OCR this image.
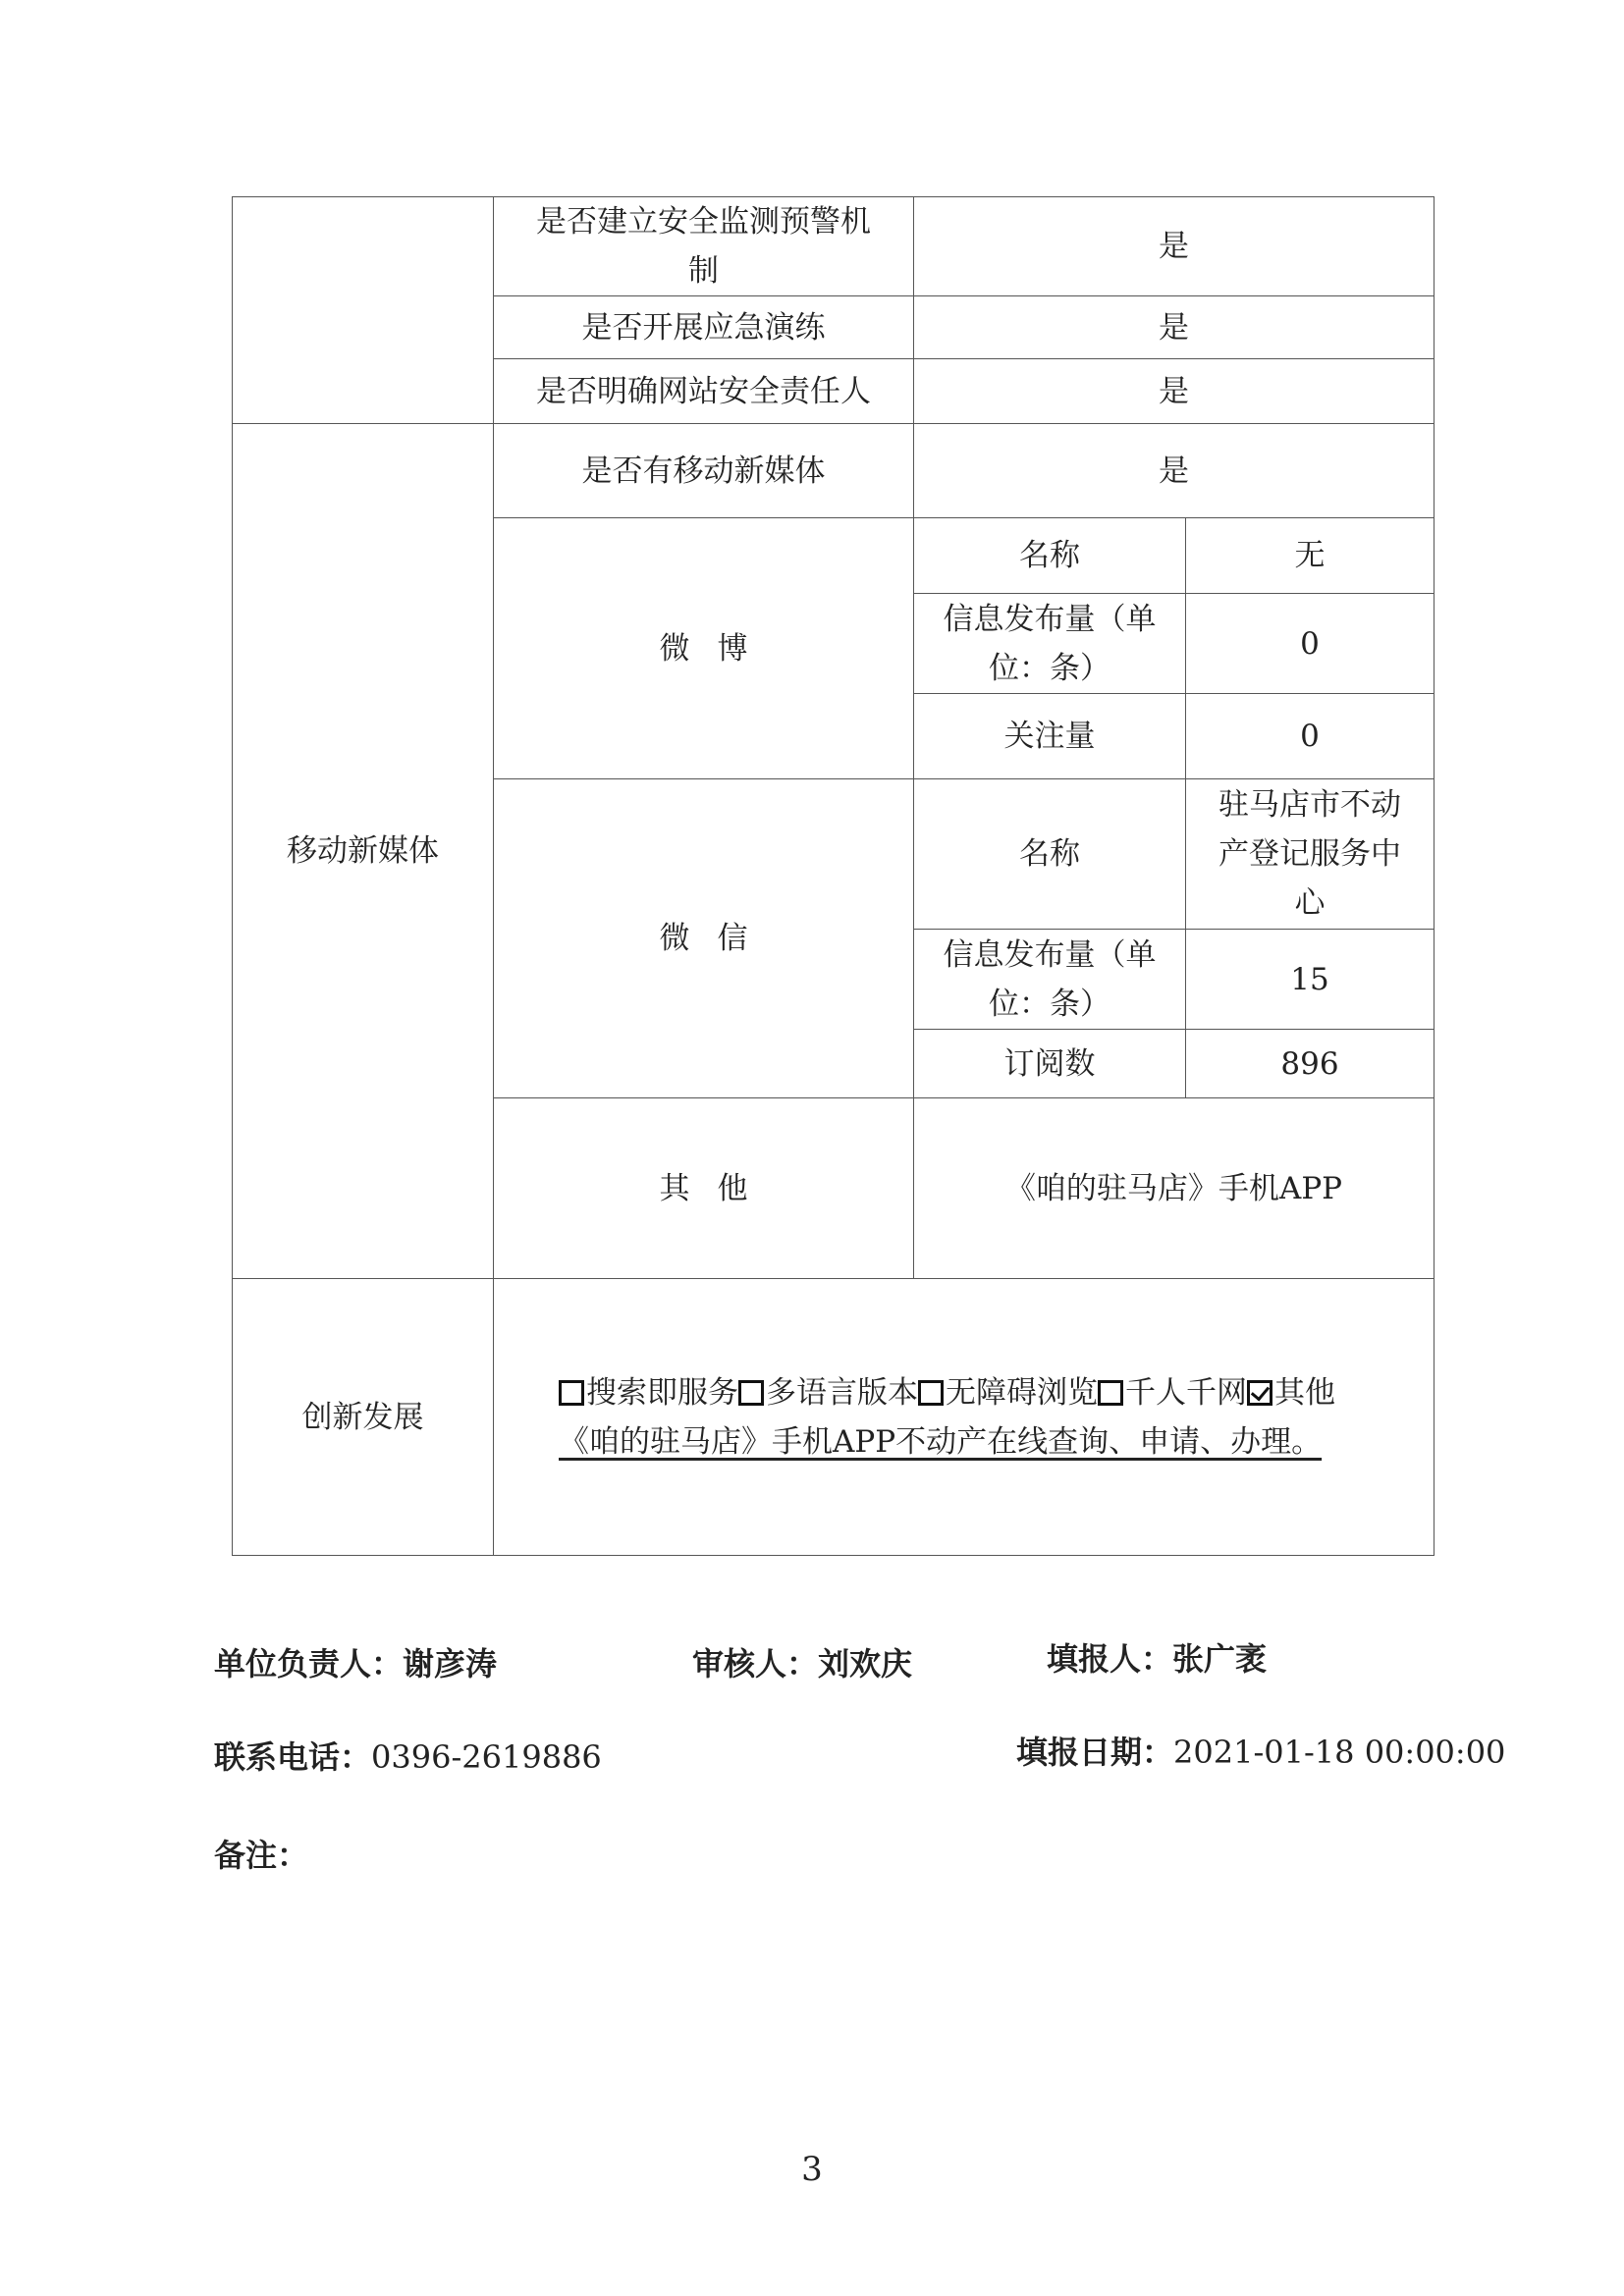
	是否建立安全监测预警机制	是	
	是否开展应急演练	是	
	是否明确网站安全责任人	是	
移动新媒体	是否有移动新媒体	是	
	微博	名称	无
		信息发布量（单位：条）	0
		关注量	0
	微信	名称	驻马店市不动产登记服务中心
		信息发布量（单位：条）	15
		订阅数	896
	其他	《咱的驻马店》手机APP	
创新发展	搜索即服务 多语言版本 无障碍浏览 千人千网 其他
《咱的驻马店》手机APP不动产在线查询、申请、办理。		
单位负责人：谢彦涛	审核人：刘欢庆	填报人：张广袤
联系电话：0396-2619886	填报日期：2021-01-18 00:00:00
备注：
3
